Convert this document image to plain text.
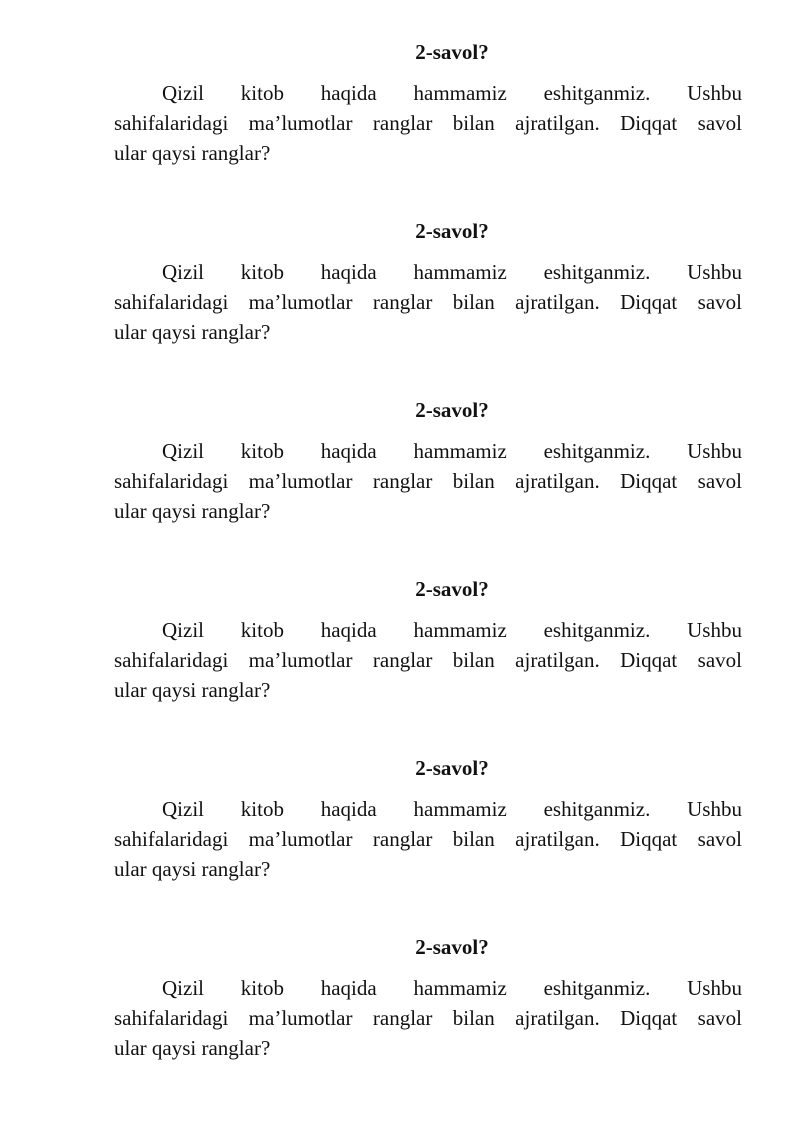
2-savol?
Qizil kitob haqida hammamiz eshitganmiz. Ushbu
sahifalaridagi ma’lumotlar ranglar bilan ajratilgan. Diqqat savol
ular qaysi ranglar?
2-savol?
Qizil kitob haqida hammamiz eshitganmiz. Ushbu
sahifalaridagi ma’lumotlar ranglar bilan ajratilgan. Diqqat savol
ular qaysi ranglar?
2-savol?
Qizil kitob haqida hammamiz eshitganmiz. Ushbu
sahifalaridagi ma’lumotlar ranglar bilan ajratilgan. Diqqat savol
ular qaysi ranglar?
2-savol?
Qizil kitob haqida hammamiz eshitganmiz. Ushbu
sahifalaridagi ma’lumotlar ranglar bilan ajratilgan. Diqqat savol
ular qaysi ranglar?
2-savol?
Qizil kitob haqida hammamiz eshitganmiz. Ushbu
sahifalaridagi ma’lumotlar ranglar bilan ajratilgan. Diqqat savol
ular qaysi ranglar?
2-savol?
Qizil kitob haqida hammamiz eshitganmiz. Ushbu
sahifalaridagi ma’lumotlar ranglar bilan ajratilgan. Diqqat savol
ular qaysi ranglar?
